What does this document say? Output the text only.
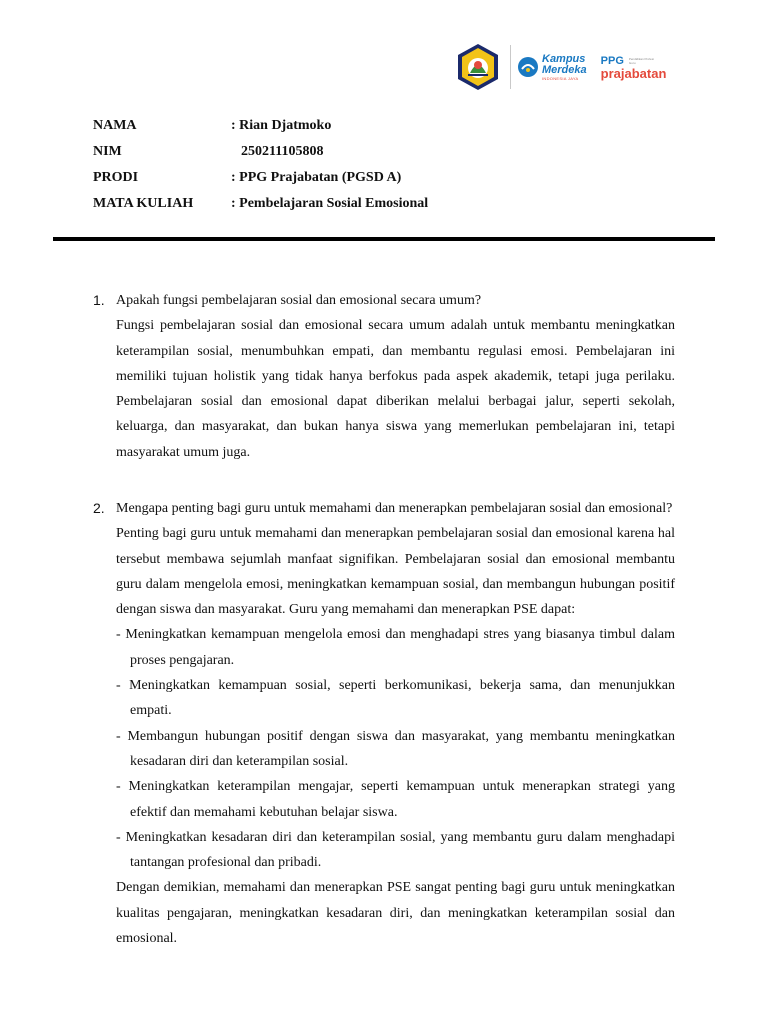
Kampus
Merdeka
INDONESIA JAYA
PPG Pendidikan Profesi Guru
prajabatan
NAMA	: Rian Djatmoko
NIM	250211105808
PRODI	: PPG Prajabatan (PGSD A)
MATA KULIAH	: Pembelajaran Sosial Emosional
1. Apakah fungsi pembelajaran sosial dan emosional secara umum?

Fungsi pembelajaran sosial dan emosional secara umum adalah untuk membantu meningkatkan keterampilan sosial, menumbuhkan empati, dan membantu regulasi emosi. Pembelajaran ini memiliki tujuan holistik yang tidak hanya berfokus pada aspek akademik, tetapi juga perilaku. Pembelajaran sosial dan emosional dapat diberikan melalui berbagai jalur, seperti sekolah, keluarga, dan masyarakat, dan bukan hanya siswa yang memerlukan pembelajaran ini, tetapi masyarakat umum juga.

2. Mengapa penting bagi guru untuk memahami dan menerapkan pembelajaran sosial dan emosional?

Penting bagi guru untuk memahami dan menerapkan pembelajaran sosial dan emosional karena hal tersebut membawa sejumlah manfaat signifikan. Pembelajaran sosial dan emosional membantu guru dalam mengelola emosi, meningkatkan kemampuan sosial, dan membangun hubungan positif dengan siswa dan masyarakat. Guru yang memahami dan menerapkan PSE dapat:

- Meningkatkan kemampuan mengelola emosi dan menghadapi stres yang biasanya timbul dalam proses pengajaran.

- Meningkatkan kemampuan sosial, seperti berkomunikasi, bekerja sama, dan menunjukkan empati.

- Membangun hubungan positif dengan siswa dan masyarakat, yang membantu meningkatkan kesadaran diri dan keterampilan sosial.

- Meningkatkan keterampilan mengajar, seperti kemampuan untuk menerapkan strategi yang efektif dan memahami kebutuhan belajar siswa.

- Meningkatkan kesadaran diri dan keterampilan sosial, yang membantu guru dalam menghadapi tantangan profesional dan pribadi.

Dengan demikian, memahami dan menerapkan PSE sangat penting bagi guru untuk meningkatkan kualitas pengajaran, meningkatkan kesadaran diri, dan meningkatkan keterampilan sosial dan emosional.
